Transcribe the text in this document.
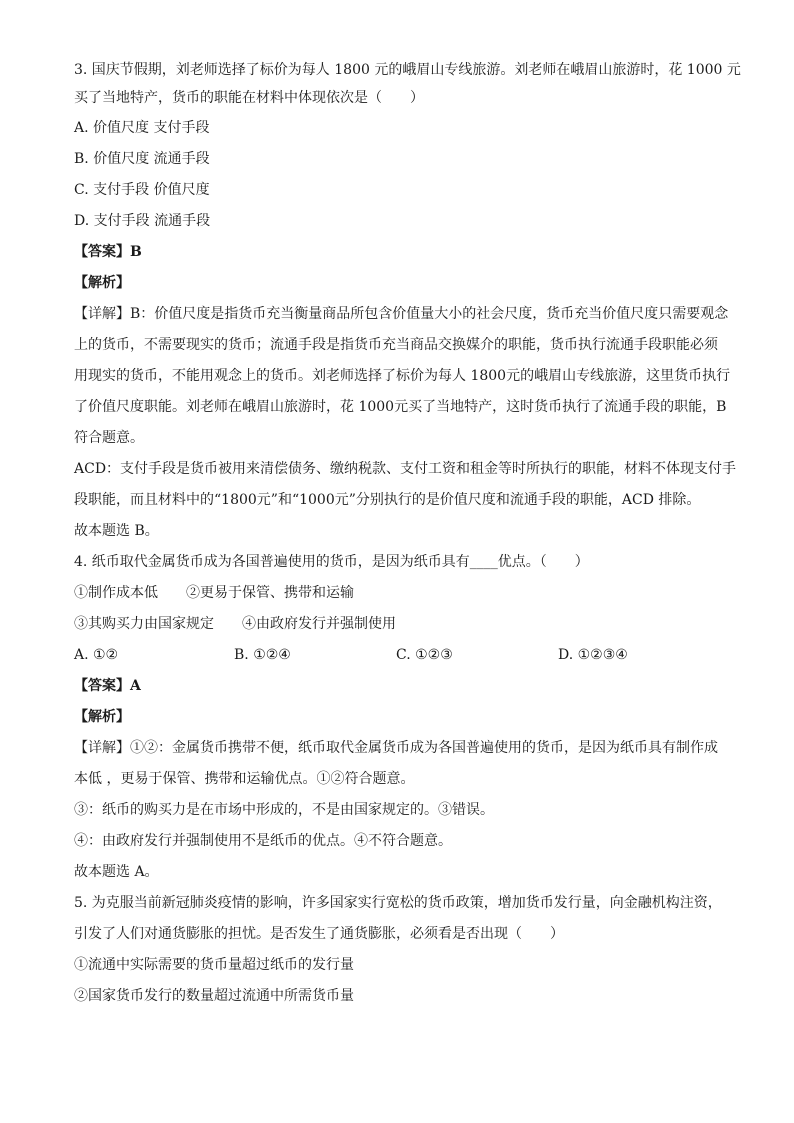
3. 国庆节假期，刘老师选择了标价为每人 1800 元的峨眉山专线旅游。刘老师在峨眉山旅游时，花 1000 元
买了当地特产，货币的职能在材料中体现依次是（　　）
A. 价值尺度 支付手段
B. 价值尺度 流通手段
C. 支付手段 价值尺度
D. 支付手段 流通手段
【答案】B
【解析】
【详解】B：价值尺度是指货币充当衡量商品所包含价值量大小的社会尺度，货币充当价值尺度只需要观念
上的货币，不需要现实的货币；流通手段是指货币充当商品交换媒介的职能，货币执行流通手段职能必须
用现实的货币，不能用观念上的货币。刘老师选择了标价为每人 1800元的峨眉山专线旅游，这里货币执行
了价值尺度职能。刘老师在峨眉山旅游时，花 1000元买了当地特产，这时货币执行了流通手段的职能，B
符合题意。
ACD：支付手段是货币被用来清偿债务、缴纳税款、支付工资和租金等时所执行的职能，材料不体现支付手
段职能，而且材料中的“1800元”和“1000元”分别执行的是价值尺度和流通手段的职能，ACD 排除。
故本题选 B。
4. 纸币取代金属货币成为各国普遍使用的货币，是因为纸币具有____优点。（　　）
①制作成本低　　②更易于保管、携带和运输
③其购买力由国家规定　　④由政府发行并强制使用
A. ①②	B. ①②④	C. ①②③	D. ①②③④
【答案】A
【解析】
【详解】①②：金属货币携带不便，纸币取代金属货币成为各国普遍使用的货币，是因为纸币具有制作成
本低 ，更易于保管、携带和运输优点。①②符合题意。
③：纸币的购买力是在市场中形成的，不是由国家规定的。③错误。
④：由政府发行并强制使用不是纸币的优点。④不符合题意。
故本题选 A。
5. 为克服当前新冠肺炎疫情的影响，许多国家实行宽松的货币政策，增加货币发行量，向金融机构注资，
引发了人们对通货膨胀的担忧。是否发生了通货膨胀，必须看是否出现（　　）
①流通中实际需要的货币量超过纸币的发行量
②国家货币发行的数量超过流通中所需货币量
